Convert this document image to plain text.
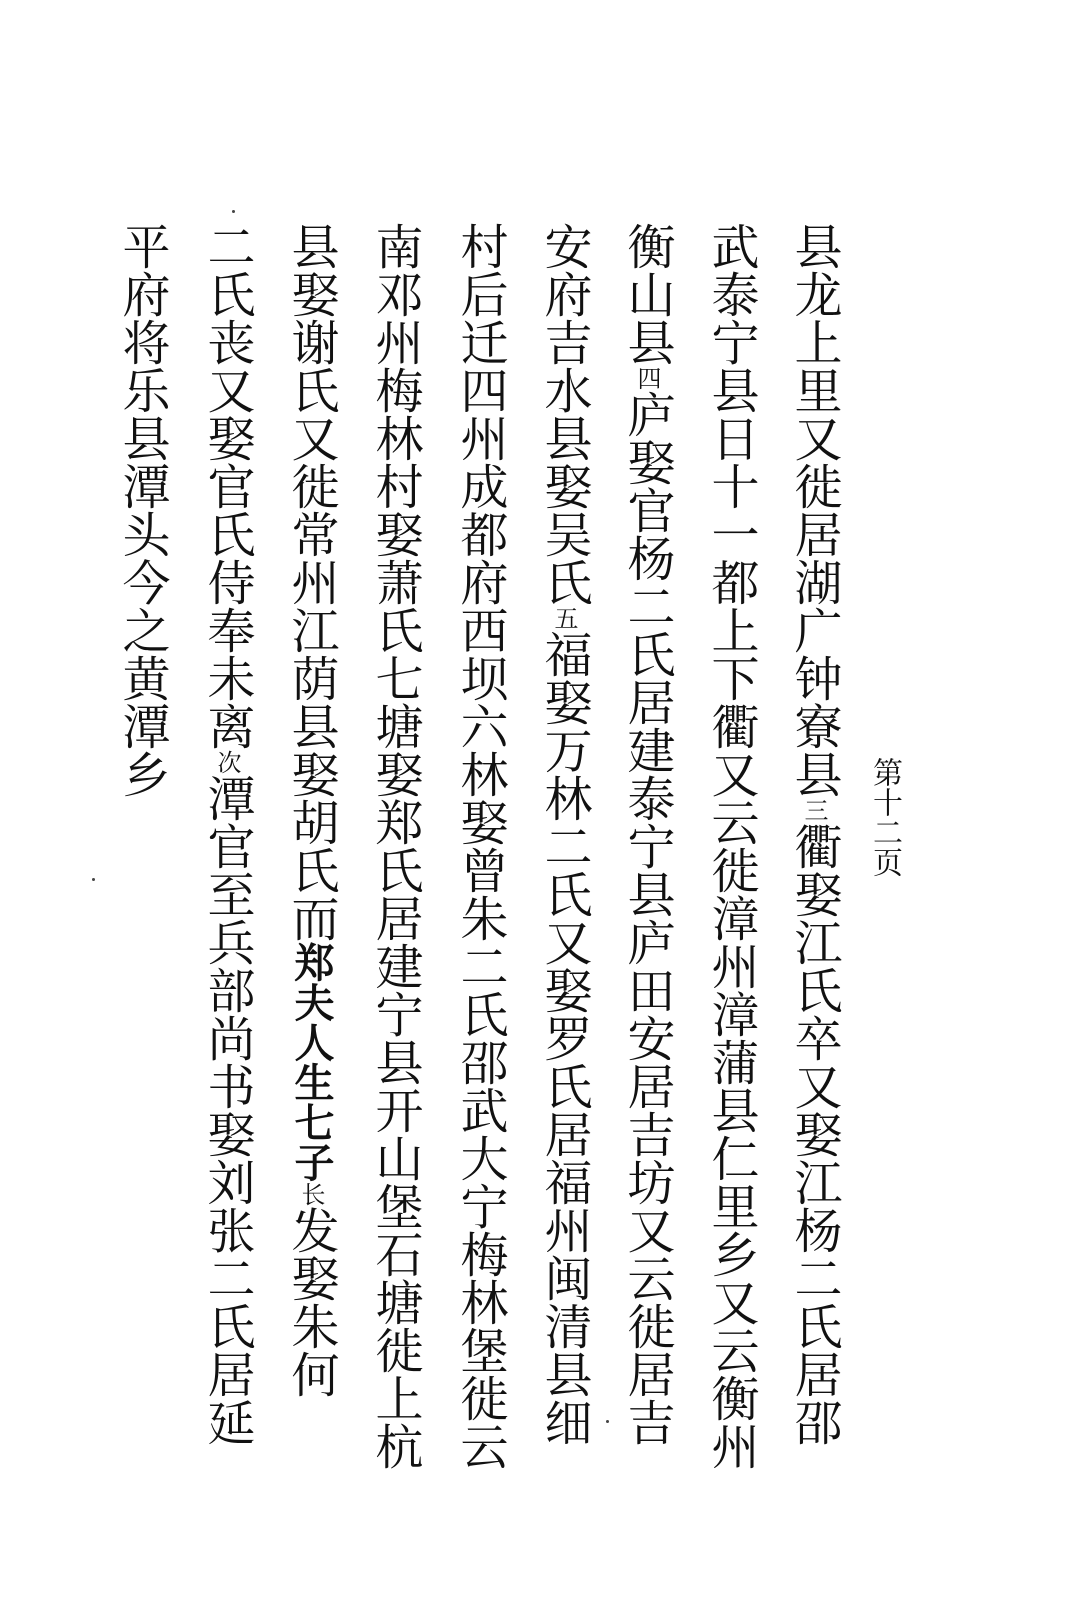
第十二页
县龙上里又徙居湖广钟寮县三衢娶江氏卒又娶江杨二氏居邵
武泰宁县日十一都上下衢又云徙漳州漳蒲县仁里乡又云衡州
衡山县四庐娶官杨二氏居建泰宁县庐田安居吉坊又云徙居吉
安府吉水县娶吴氏五福娶万林二氏又娶罗氏居福州闽清县细
村后迁四州成都府西坝六林娶曾朱二氏邵武大宁梅林堡徙云
南邓州梅林村娶萧氏七塘娶郑氏居建宁县开山堡石塘徙上杭
县娶谢氏又徙常州江荫县娶胡氏而郑夫人生七子长发娶朱何
二氏丧又娶官氏侍奉未离次潭官至兵部尚书娶刘张二氏居延
平府将乐县潭头今之黄潭乡
